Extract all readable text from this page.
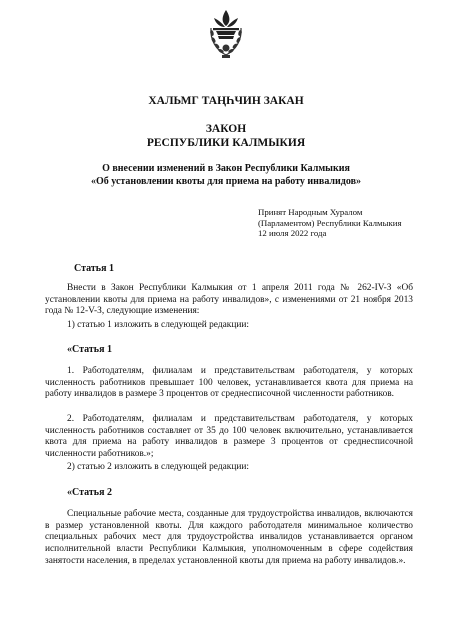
ХАЛЬМГ ТАҢҺЧИН ЗАКАН
ЗАКОН
РЕСПУБЛИКИ КАЛМЫКИЯ
О внесении изменений в Закон Республики Калмыкия
«Об установлении квоты для приема на работу инвалидов»
Принят Народным Хуралом
(Парламентом) Республики Калмыкия
12 июля 2022 года
Статья 1
Внести в Закон Республики Калмыкия от 1 апреля 2011 года № 262-IV-З «Об установлении квоты для приема на работу инвалидов», с изменениями от 21 ноября 2013 года № 12-V-З, следующие изменения:
1) статью 1 изложить в следующей редакции:
«Статья 1
1. Работодателям, филиалам и представительствам работодателя, у которых численность работников превышает 100 человек, устанавливается квота для приема на работу инвалидов в размере 3 процентов от среднесписочной численности работников.
2. Работодателям, филиалам и представительствам работодателя, у которых численность работников составляет от 35 до 100 человек включительно, устанавливается квота для приема на работу инвалидов в размере 3 процентов от среднесписочной численности работников.»;
2) статью 2 изложить в следующей редакции:
«Статья 2
Специальные рабочие места, созданные для трудоустройства инвалидов, включаются в размер установленной квоты. Для каждого работодателя минимальное количество специальных рабочих мест для трудоустройства инвалидов устанавливается органом исполнительной власти Республики Калмыкия, уполномоченным в сфере содействия занятости населения, в пределах установленной квоты для приема на работу инвалидов.».
